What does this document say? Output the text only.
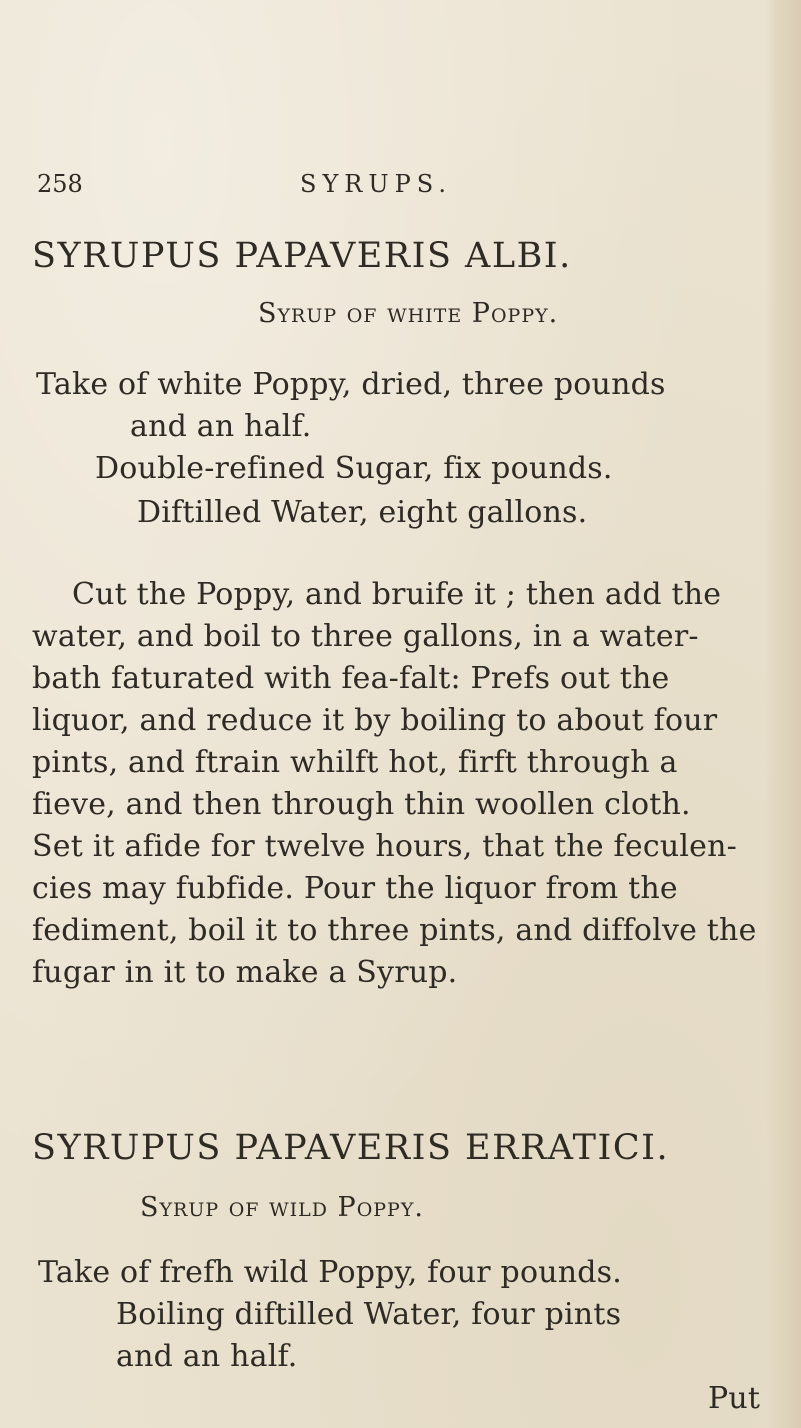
258	SYRUPS.
SYRUPUS PAPAVERIS ALBI.
Syrup of white Poppy.
Take of white Poppy, dried, three pounds
and an half.
Double-refined Sugar, fix pounds.
Diftilled Water, eight gallons.
Cut the Poppy, and bruife it ; then add the
water, and boil to three gallons, in a water-
bath faturated with fea-falt: Prefs out the
liquor, and reduce it by boiling to about four
pints, and ftrain whilft hot, firft through a
fieve, and then through thin woollen cloth.
Set it afide for twelve hours, that the feculen-
cies may fubfide. Pour the liquor from the
fediment, boil it to three pints, and diffolve the
fugar in it to make a Syrup.
SYRUPUS PAPAVERIS ERRATICI.
Syrup of wild Poppy.
Take of frefh wild Poppy, four pounds.
Boiling diftilled Water, four pints
and an half.
Put
